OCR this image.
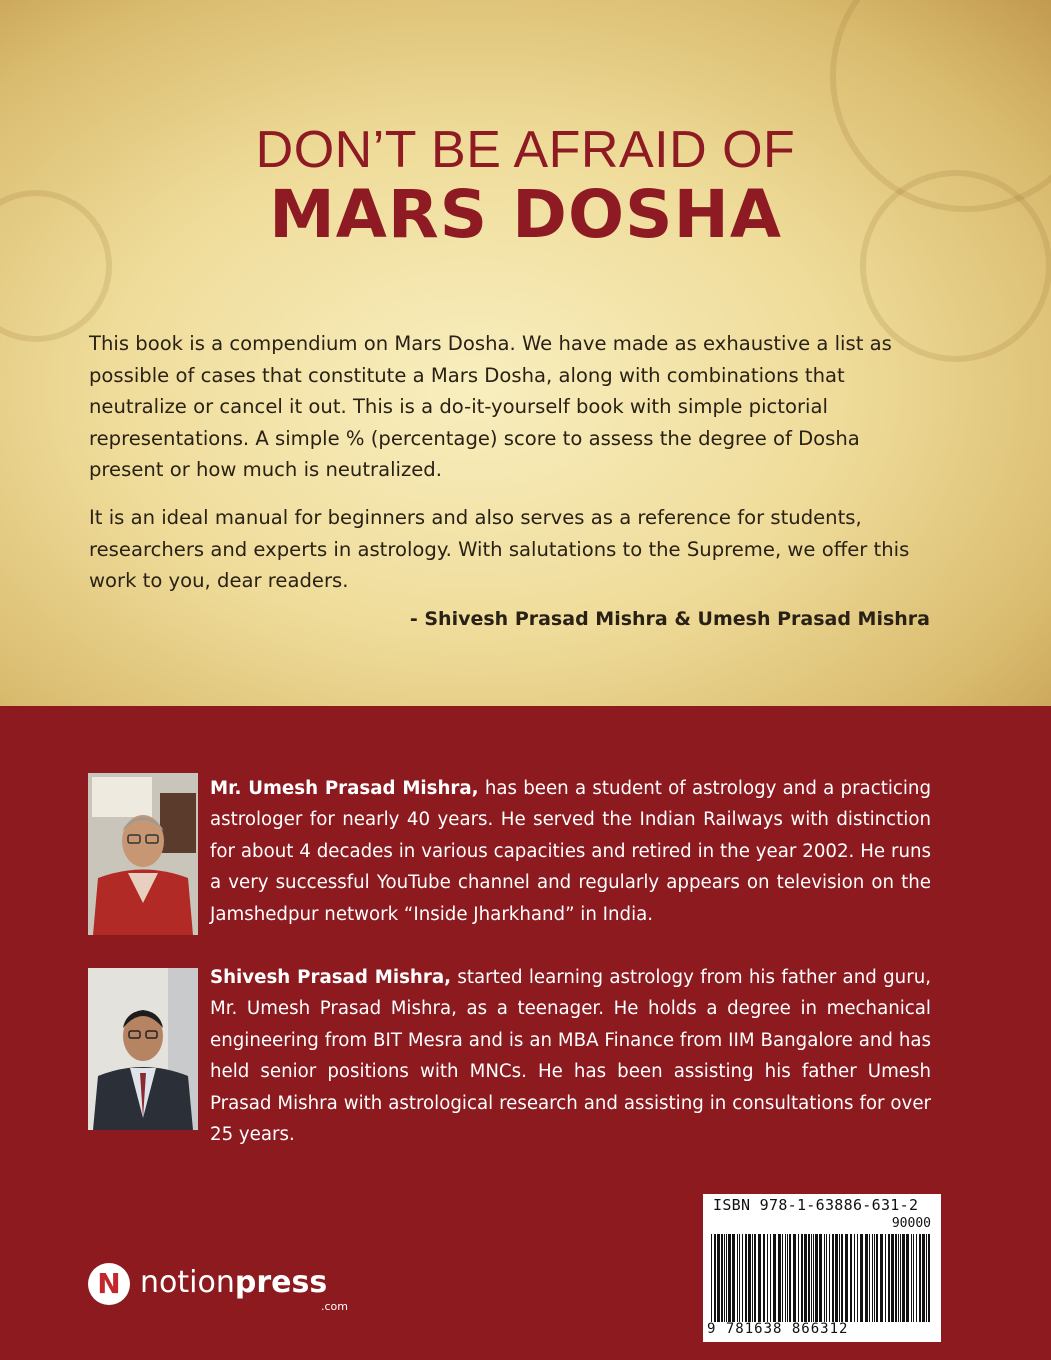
DON’T BE AFRAID OF
MARS DOSHA

This book is a compendium on Mars Dosha. We have made as exhaustive a list as possible of cases that constitute a Mars Dosha, along with combinations that neutralize or cancel it out. This is a do-it-yourself book with simple pictorial representations. A simple % (percentage) score to assess the degree of Dosha present or how much is neutralized.

It is an ideal manual for beginners and also serves as a reference for students, researchers and experts in astrology. With salutations to the Supreme, we offer this work to you, dear readers.

- Shivesh Prasad Mishra & Umesh Prasad Mishra

Mr. Umesh Prasad Mishra, has been a student of astrology and a practicing astrologer for nearly 40 years. He served the Indian Railways with distinction for about 4 decades in various capacities and retired in the year 2002. He runs a very successful YouTube channel and regularly appears on television on the Jamshedpur network “Inside Jharkhand” in India.

Shivesh Prasad Mishra, started learning astrology from his father and guru, Mr. Umesh Prasad Mishra, as a teenager. He holds a degree in mechanical engineering from BIT Mesra and is an MBA Finance from IIM Bangalore and has held senior positions with MNCs. He has been assisting his father Umesh Prasad Mishra with astrological research and assisting in consultations for over 25 years.

N notionpress
.com
ISBN 978-1-63886-631-2
90000
9 781638 866312
